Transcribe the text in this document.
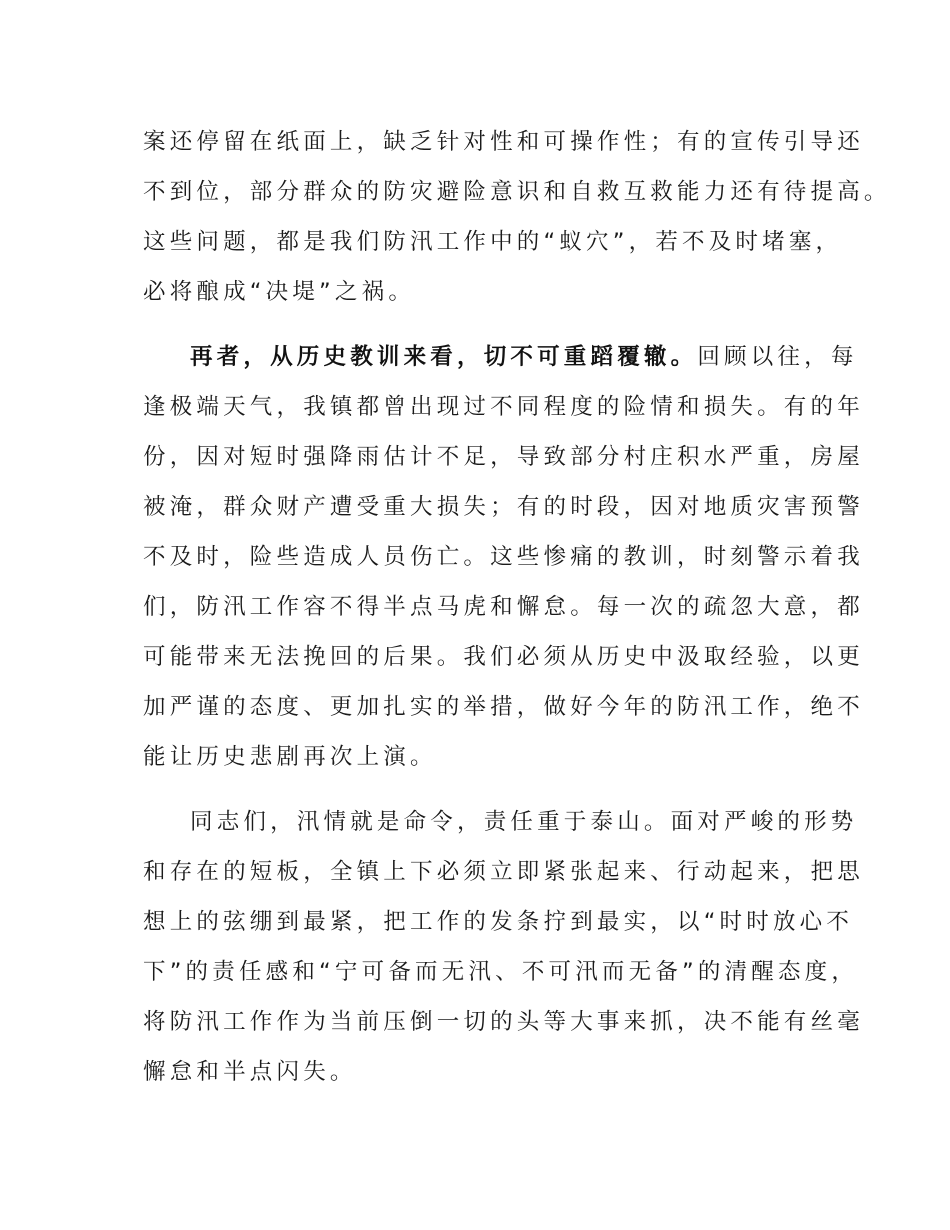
案还停留在纸面上，缺乏针对性和可操作性；有的宣传引导还

不到位，部分群众的防灾避险意识和自救互救能力还有待提高。

这些问题，都是我们防汛工作中的“蚁穴”，若不及时堵塞，

必将酿成“决堤”之祸。

再者，从历史教训来看，切不可重蹈覆辙。回顾以往，每

逢极端天气，我镇都曾出现过不同程度的险情和损失。有的年

份，因对短时强降雨估计不足，导致部分村庄积水严重，房屋

被淹，群众财产遭受重大损失；有的时段，因对地质灾害预警

不及时，险些造成人员伤亡。这些惨痛的教训，时刻警示着我

们，防汛工作容不得半点马虎和懈怠。每一次的疏忽大意，都

可能带来无法挽回的后果。我们必须从历史中汲取经验，以更

加严谨的态度、更加扎实的举措，做好今年的防汛工作，绝不

能让历史悲剧再次上演。

同志们，汛情就是命令，责任重于泰山。面对严峻的形势

和存在的短板，全镇上下必须立即紧张起来、行动起来，把思

想上的弦绷到最紧，把工作的发条拧到最实，以“时时放心不

下”的责任感和“宁可备而无汛、不可汛而无备”的清醒态度，

将防汛工作作为当前压倒一切的头等大事来抓，决不能有丝毫

懈怠和半点闪失。
